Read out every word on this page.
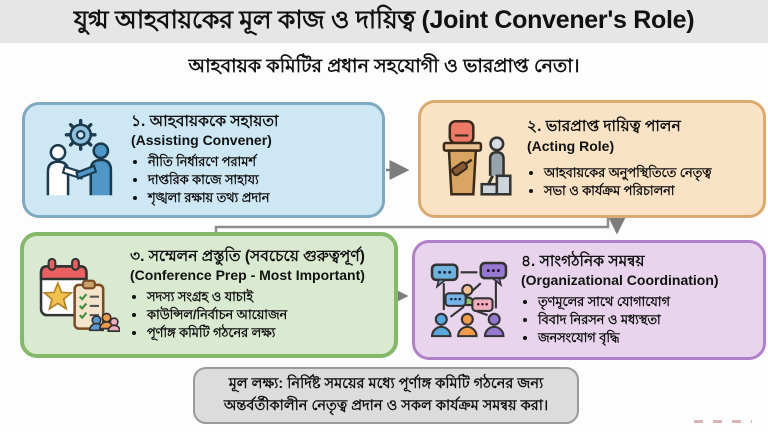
যুগ্ম আহবায়কের মূল কাজ ও দায়িত্ব (Joint Convener's Role)
আহবায়ক কমিটির প্রধান সহযোগী ও ভারপ্রাপ্ত নেতা।
১. আহবায়ককে সহায়তা
(Assisting Convener)
• নীতি নির্ধারণে পরামর্শ
• দাপ্তরিক কাজে সাহায্য
• শৃঙ্খলা রক্ষায় তথ্য প্রদান
২. ভারপ্রাপ্ত দায়িত্ব পালন
(Acting Role)
• আহবায়কের অনুপস্থিতিতে নেতৃত্ব
• সভা ও কার্যক্রম পরিচালনা
৩. সম্মেলন প্রস্তুতি (সবচেয়ে গুরুত্বপূর্ণ)
(Conference Prep - Most Important)
• সদস্য সংগ্রহ ও যাচাই
• কাউন্সিল/নির্বাচন আয়োজন
• পূর্ণাঙ্গ কমিটি গঠনের লক্ষ্য
৪. সাংগঠনিক সমন্বয়
(Organizational Coordination)
• তৃণমূলের সাথে যোগাযোগ
• বিবাদ নিরসন ও মধ্যস্থতা
• জনসংযোগ বৃদ্ধি
মূল লক্ষ্য: নির্দিষ্ট সময়ের মধ্যে পূর্ণাঙ্গ কমিটি গঠনের জন্য অন্তর্বর্তীকালীন নেতৃত্ব প্রদান ও সকল কার্যক্রম সমন্বয় করা।
